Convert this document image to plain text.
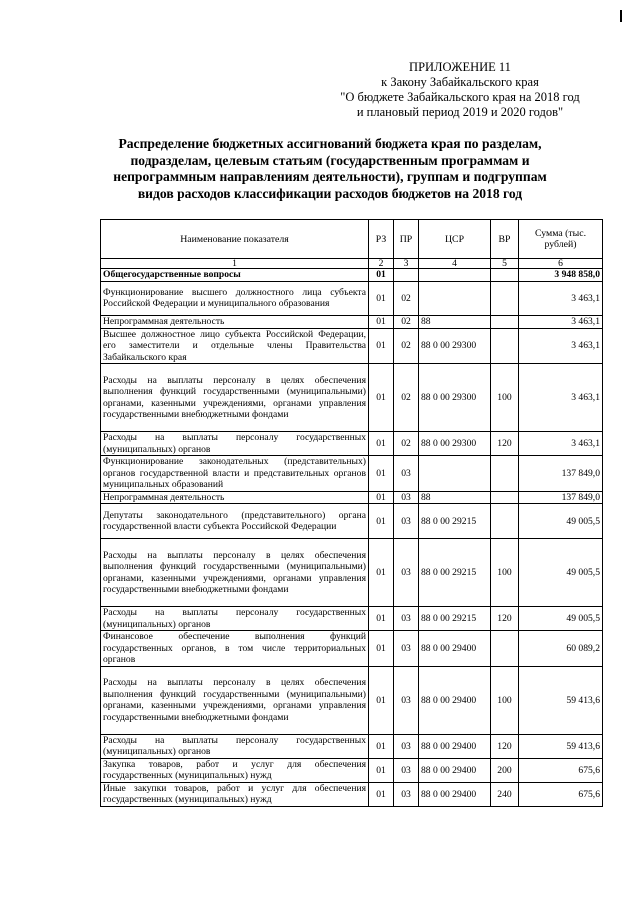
ПРИЛОЖЕНИЕ 11
к Закону Забайкальского края
"О бюджете Забайкальского края на 2018 год
и плановый период 2019 и 2020 годов"
Распределение бюджетных ассигнований бюджета края по разделам,
подразделам, целевым статьям (государственным программам и
непрограммным направлениям деятельности), группам и подгруппам
видов расходов классификации расходов бюджетов на 2018 год
Наименование показателя	РЗ	ПР	ЦСР	ВР	Сумма (тыс. рублей)
1	2	3	4	5	6
Общегосударственные вопросы	01				3 948 858,0
Функционирование высшего должностного лица субъекта Российской Федерации и муниципального образования	01	02			3 463,1
Непрограммная деятельность	01	02	88		3 463,1
Высшее должностное лицо субъекта Российской Федерации, его заместители и отдельные члены Правительства Забайкальского края	01	02	88 0 00 29300		3 463,1
Расходы на выплаты персоналу в целях обеспечения выполнения функций государственными (муниципальными) органами, казенными учреждениями, органами управления государственными внебюджетными фондами	01	02	88 0 00 29300	100	3 463,1
Расходы на выплаты персоналу государственных (муниципальных) органов	01	02	88 0 00 29300	120	3 463,1
Функционирование законодательных (представительных) органов государственной власти и представительных органов муниципальных образований	01	03			137 849,0
Непрограммная деятельность	01	03	88		137 849,0
Депутаты законодательного (представительного) органа государственной власти субъекта Российской Федерации	01	03	88 0 00 29215		49 005,5
Расходы на выплаты персоналу в целях обеспечения выполнения функций государственными (муниципальными) органами, казенными учреждениями, органами управления государственными внебюджетными фондами	01	03	88 0 00 29215	100	49 005,5
Расходы на выплаты персоналу государственных (муниципальных) органов	01	03	88 0 00 29215	120	49 005,5
Финансовое обеспечение выполнения функций государственных органов, в том числе территориальных органов	01	03	88 0 00 29400		60 089,2
Расходы на выплаты персоналу в целях обеспечения выполнения функций государственными (муниципальными) органами, казенными учреждениями, органами управления государственными внебюджетными фондами	01	03	88 0 00 29400	100	59 413,6
Расходы на выплаты персоналу государственных (муниципальных) органов	01	03	88 0 00 29400	120	59 413,6
Закупка товаров, работ и услуг для обеспечения государственных (муниципальных) нужд	01	03	88 0 00 29400	200	675,6
Иные закупки товаров, работ и услуг для обеспечения государственных (муниципальных) нужд	01	03	88 0 00 29400	240	675,6
